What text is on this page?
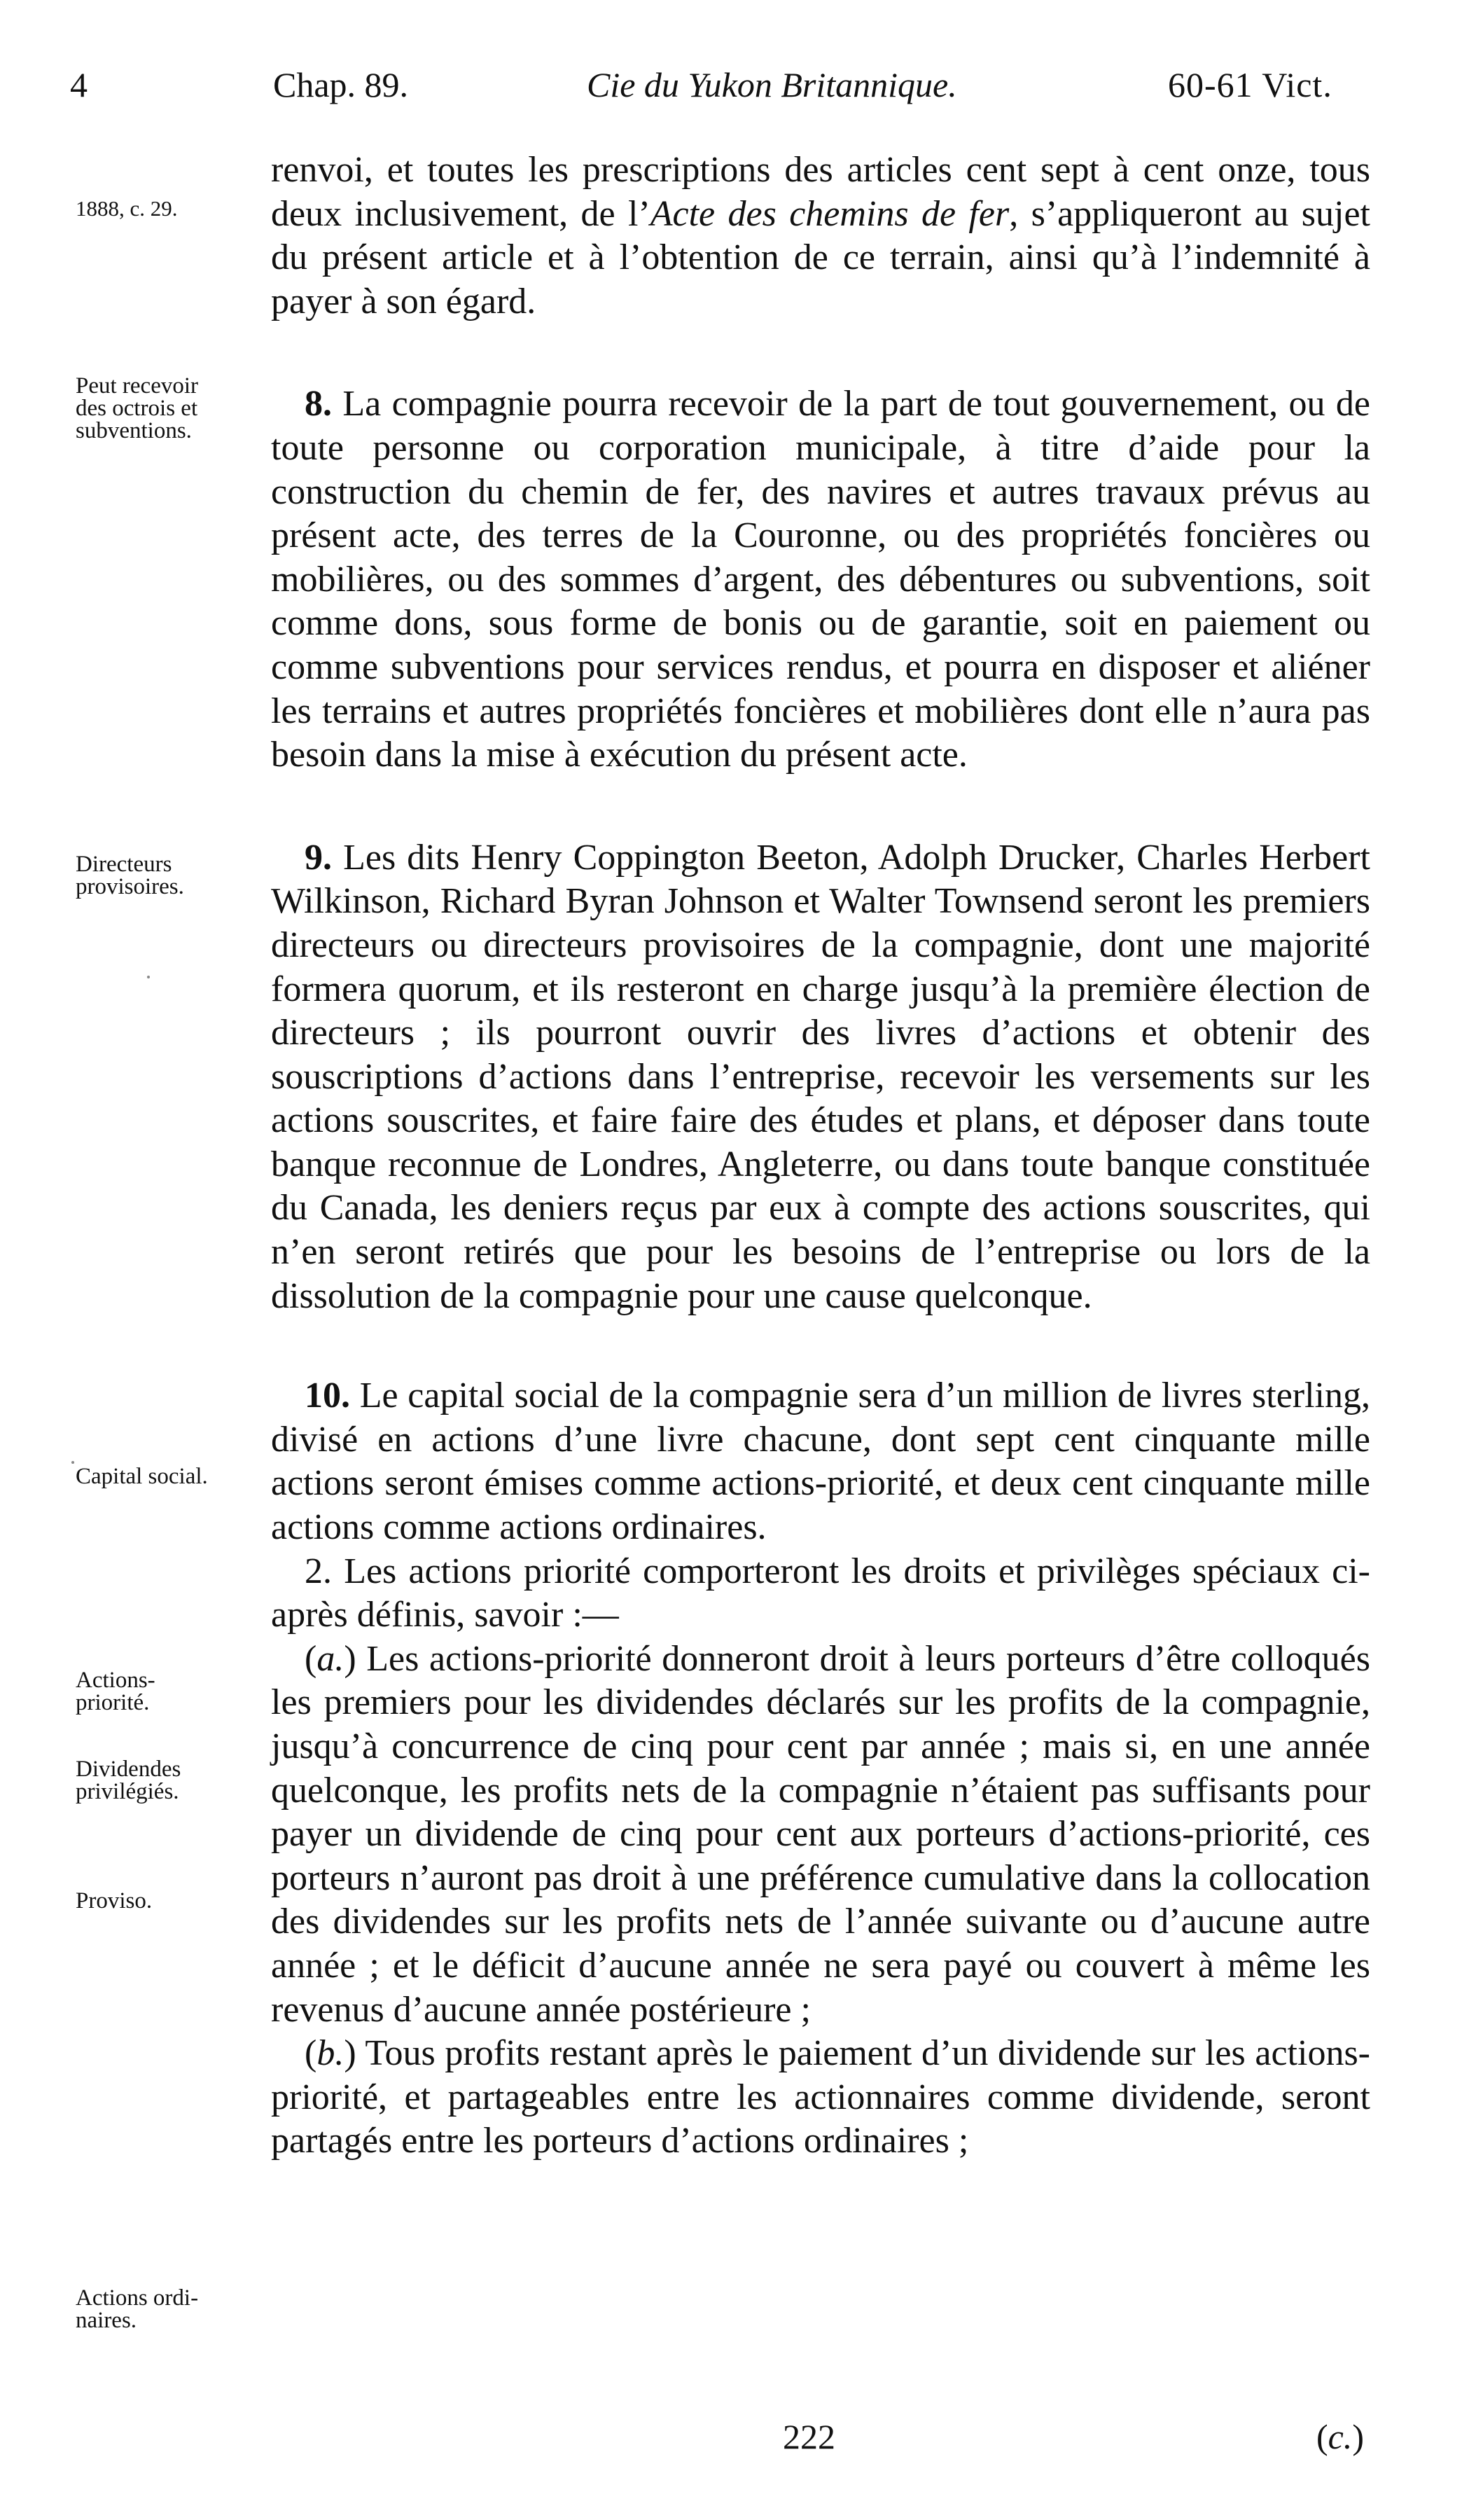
4	Chap. 89.	Cie du Yukon Britannique.	60-61 Vict.
1888, c. 29.
Peut recevoir
des octrois et
subventions.
Directeurs
provisoires.
Capital social.
Actions-
priorité.
Dividendes
privilégiés.
Proviso.
Actions ordi-
naires.

renvoi, et toutes les prescriptions des articles cent sept à cent onze, tous deux inclusivement, de l’Acte des chemins de fer, s’appliqueront au sujet du présent article et à l’obtention de ce terrain, ainsi qu’à l’indemnité à payer à son égard.

8. La compagnie pourra recevoir de la part de tout gouvernement, ou de toute personne ou corporation municipale, à titre d’aide pour la construction du chemin de fer, des navires et autres travaux prévus au présent acte, des terres de la Couronne, ou des propriétés foncières ou mobilières, ou des sommes d’argent, des débentures ou subventions, soit comme dons, sous forme de bonis ou de garantie, soit en paiement ou comme subventions pour services rendus, et pourra en disposer et aliéner les terrains et autres propriétés foncières et mobilières dont elle n’aura pas besoin dans la mise à exécution du présent acte.

9. Les dits Henry Coppington Beeton, Adolph Drucker, Charles Herbert Wilkinson, Richard Byran Johnson et Walter Townsend seront les premiers directeurs ou directeurs provisoires de la compagnie, dont une majorité formera quorum, et ils resteront en charge jusqu’à la première élection de directeurs ; ils pourront ouvrir des livres d’actions et obtenir des souscriptions d’actions dans l’entreprise, recevoir les versements sur les actions souscrites, et faire faire des études et plans, et déposer dans toute banque reconnue de Londres, Angleterre, ou dans toute banque constituée du Canada, les deniers reçus par eux à compte des actions souscrites, qui n’en seront retirés que pour les besoins de l’entreprise ou lors de la dissolution de la compagnie pour une cause quelconque.

10. Le capital social de la compagnie sera d’un million de livres sterling, divisé en actions d’une livre chacune, dont sept cent cinquante mille actions seront émises comme actions-priorité, et deux cent cinquante mille actions comme actions ordinaires.

2. Les actions priorité comporteront les droits et privilèges spéciaux ci-après définis, savoir :—

(a.) Les actions-priorité donneront droit à leurs porteurs d’être colloqués les premiers pour les dividendes déclarés sur les profits de la compagnie, jusqu’à concurrence de cinq pour cent par année ; mais si, en une année quelconque, les profits nets de la compagnie n’étaient pas suffisants pour payer un dividende de cinq pour cent aux porteurs d’actions-priorité, ces porteurs n’auront pas droit à une préférence cumulative dans la collocation des dividendes sur les profits nets de l’année suivante ou d’aucune autre année ; et le déficit d’aucune année ne sera payé ou couvert à même les revenus d’aucune année postérieure ;

(b.) Tous profits restant après le paiement d’un dividende sur les actions-priorité, et partageables entre les actionnaires comme dividende, seront partagés entre les porteurs d’actions ordinaires ;

222	(c.)
